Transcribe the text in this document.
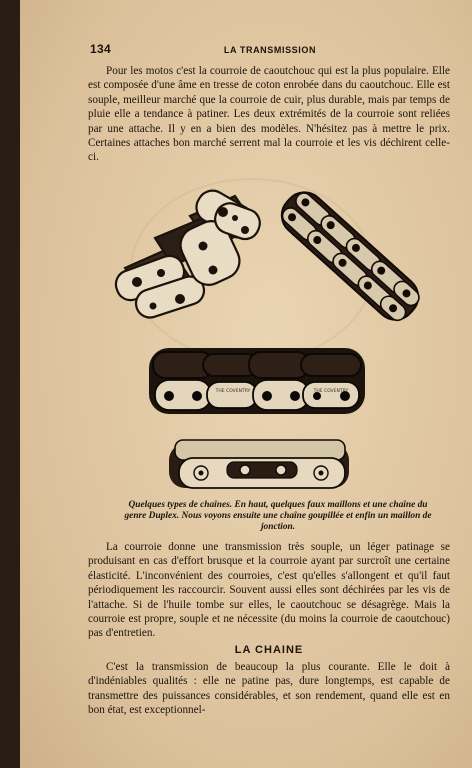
134	LA TRANSMISSION

Pour les motos c'est la courroie de caoutchouc qui est la plus populaire. Elle est composée d'une âme en tresse de coton enrobée dans du caoutchouc. Elle est souple, meilleur marché que la courroie de cuir, plus durable, mais par temps de pluie elle a tendance à patiner. Les deux extrémités de la courroie sont reliées par une attache. Il y en a bien des modèles. N'hésitez pas à mettre le prix. Certaines attaches bon marché serrent mal la courroie et les vis déchirent celle-ci.

THE COVENTRY	THE COVENTRY

Quelques types de chaînes. En haut, quelques faux maillons et une chaîne du genre Duplex. Nous voyons ensuite une chaîne goupillée et enfin un maillon de jonction.

La courroie donne une transmission très souple, un léger patinage se produisant en cas d'effort brusque et la courroie ayant par surcroît une certaine élasticité. L'inconvénient des courroies, c'est qu'elles s'allongent et qu'il faut périodiquement les raccourcir. Souvent aussi elles sont déchirées par les vis de l'attache. Si de l'huile tombe sur elles, le caoutchouc se désagrège. Mais la courroie est propre, souple et ne nécessite (du moins la courroie de caoutchouc) pas d'entretien.

LA CHAINE

C'est la transmission de beaucoup la plus courante. Elle le doit à d'indéniables qualités : elle ne patine pas, dure longtemps, est capable de transmettre des puissances considérables, et son rendement, quand elle est en bon état, est exceptionnel-
